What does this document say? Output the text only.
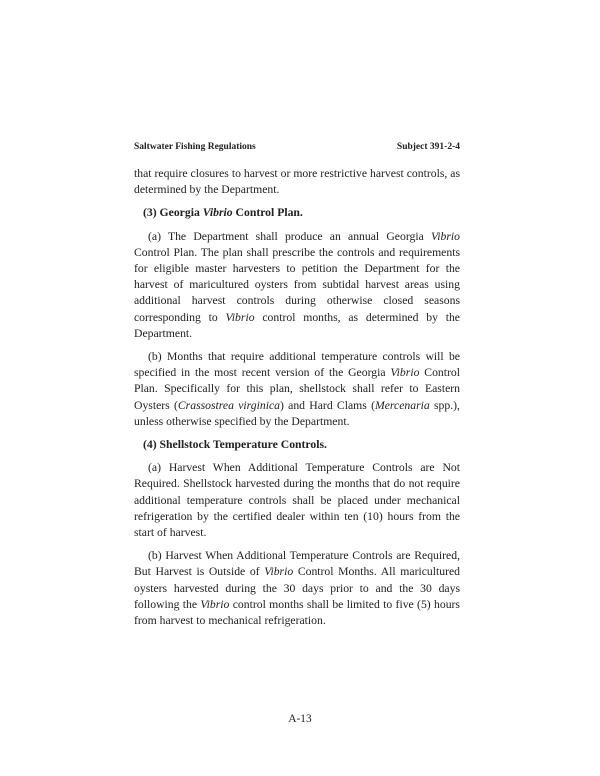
Saltwater Fishing Regulations	Subject 391-2-4

that require closures to harvest or more restrictive harvest controls, as determined by the Department.

(3) Georgia Vibrio Control Plan.

(a) The Department shall produce an annual Georgia Vibrio Control Plan. The plan shall prescribe the controls and requirements for eligible master harvesters to petition the Department for the harvest of maricultured oysters from subtidal harvest areas using additional harvest controls during otherwise closed seasons corresponding to Vibrio control months, as determined by the Department.

(b) Months that require additional temperature controls will be specified in the most recent version of the Georgia Vibrio Control Plan. Specifically for this plan, shellstock shall refer to Eastern Oysters (Crassostrea virginica) and Hard Clams (Mercenaria spp.), unless otherwise specified by the Department.

(4) Shellstock Temperature Controls.

(a) Harvest When Additional Temperature Controls are Not Required. Shellstock harvested during the months that do not require additional temperature controls shall be placed under mechanical refrigeration by the certified dealer within ten (10) hours from the start of harvest.

(b) Harvest When Additional Temperature Controls are Required, But Harvest is Outside of Vibrio Control Months. All maricultured oysters harvested during the 30 days prior to and the 30 days following the Vibrio control months shall be limited to five (5) hours from harvest to mechanical refrigeration.

A-13
